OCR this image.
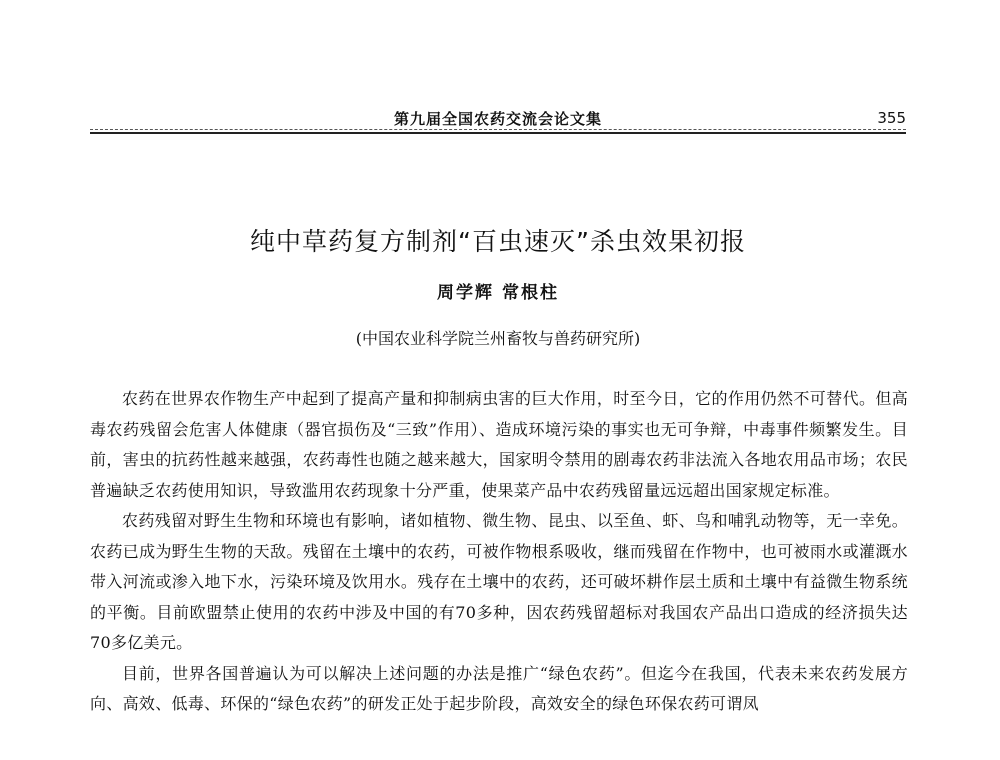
第九届全国农药交流会论文集	355
纯中草药复方制剂“百虫速灭”杀虫效果初报
周学辉 常根柱
(中国农业科学院兰州畜牧与兽药研究所)

农药在世界农作物生产中起到了提高产量和抑制病虫害的巨大作用，时至今日，它的作用仍然不可替代。但高毒农药残留会危害人体健康（器官损伤及“三致”作用）、造成环境污染的事实也无可争辩，中毒事件频繁发生。目前，害虫的抗药性越来越强，农药毒性也随之越来越大，国家明令禁用的剧毒农药非法流入各地农用品市场；农民普遍缺乏农药使用知识，导致滥用农药现象十分严重，使果菜产品中农药残留量远远超出国家规定标准。

农药残留对野生生物和环境也有影响，诸如植物、微生物、昆虫、以至鱼、虾、鸟和哺乳动物等，无一幸免。农药已成为野生生物的天敌。残留在土壤中的农药，可被作物根系吸收，继而残留在作物中，也可被雨水或灌溉水带入河流或渗入地下水，污染环境及饮用水。残存在土壤中的农药，还可破坏耕作层土质和土壤中有益微生物系统的平衡。目前欧盟禁止使用的农药中涉及中国的有70多种，因农药残留超标对我国农产品出口造成的经济损失达70多亿美元。

目前，世界各国普遍认为可以解决上述问题的办法是推广“绿色农药”。但迄今在我国，代表未来农药发展方向、高效、低毒、环保的“绿色农药”的研发正处于起步阶段，高效安全的绿色环保农药可谓凤
